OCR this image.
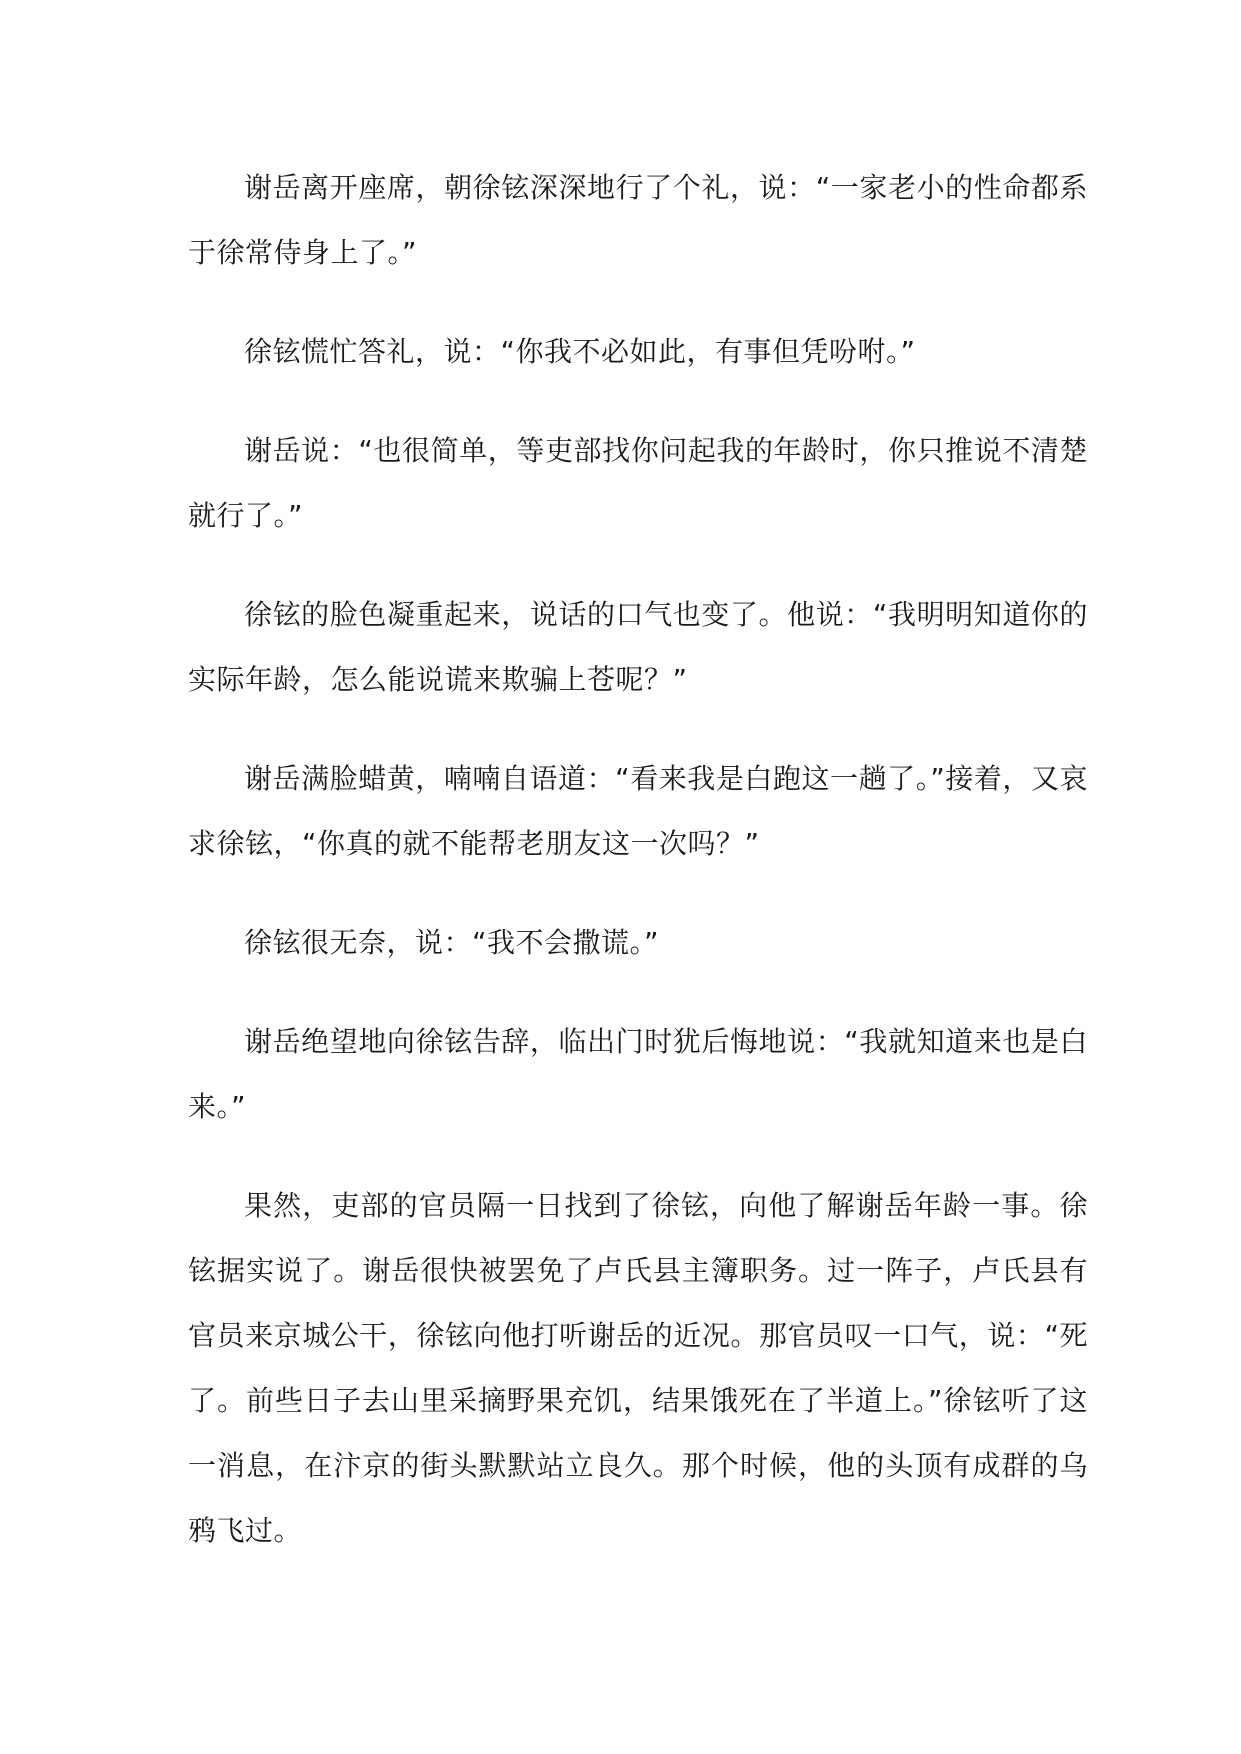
谢岳离开座席，朝徐铉深深地行了个礼，说：“一家老小的性命都系于徐常侍身上了。”

徐铉慌忙答礼，说：“你我不必如此，有事但凭吩咐。”

谢岳说：“也很简单，等吏部找你问起我的年龄时，你只推说不清楚就行了。”

徐铉的脸色凝重起来，说话的口气也变了。他说：“我明明知道你的实际年龄，怎么能说谎来欺骗上苍呢？”

谢岳满脸蜡黄，喃喃自语道：“看来我是白跑这一趟了。”接着，又哀求徐铉，“你真的就不能帮老朋友这一次吗？”

徐铉很无奈，说：“我不会撒谎。”

谢岳绝望地向徐铉告辞，临出门时犹后悔地说：“我就知道来也是白来。”

果然，吏部的官员隔一日找到了徐铉，向他了解谢岳年龄一事。徐铉据实说了。谢岳很快被罢免了卢氏县主簿职务。过一阵子，卢氏县有官员来京城公干，徐铉向他打听谢岳的近况。那官员叹一口气，说：“死了。前些日子去山里采摘野果充饥，结果饿死在了半道上。”徐铉听了这一消息，在汴京的街头默默站立良久。那个时候，他的头顶有成群的乌鸦飞过。
